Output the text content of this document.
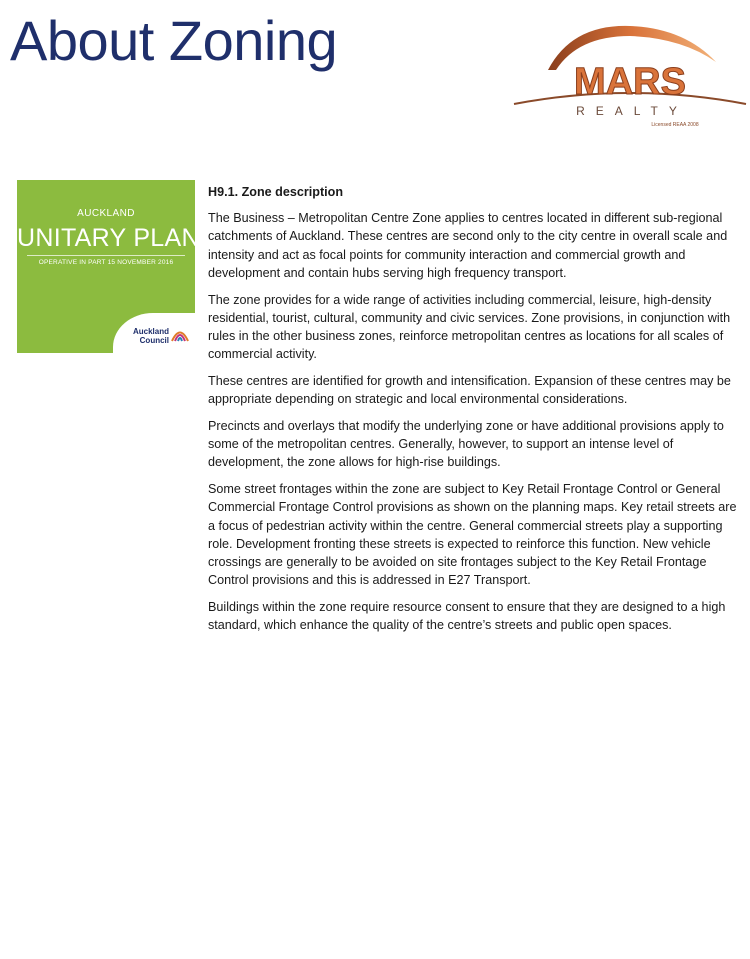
About Zoning
MARS
REALTY
Licensed REAA 2008
AUCKLAND
UNITARY PLAN
OPERATIVE IN PART 15 NOVEMBER 2016
Auckland
Council
H9.1. Zone description

The Business – Metropolitan Centre Zone applies to centres located in different sub-regional catchments of Auckland. These centres are second only to the city centre in overall scale and intensity and act as focal points for community interaction and commercial growth and development and contain hubs serving high frequency transport.

The zone provides for a wide range of activities including commercial, leisure, high-density residential, tourist, cultural, community and civic services. Zone provisions, in conjunction with rules in the other business zones, reinforce metropolitan centres as locations for all scales of commercial activity.

These centres are identified for growth and intensification. Expansion of these centres may be appropriate depending on strategic and local environmental considerations.

Precincts and overlays that modify the underlying zone or have additional provisions apply to some of the metropolitan centres. Generally, however, to support an intense level of development, the zone allows for high-rise buildings.

Some street frontages within the zone are subject to Key Retail Frontage Control or General Commercial Frontage Control provisions as shown on the planning maps. Key retail streets are a focus of pedestrian activity within the centre. General commercial streets play a supporting role. Development fronting these streets is expected to reinforce this function. New vehicle crossings are generally to be avoided on site frontages subject to the Key Retail Frontage Control provisions and this is addressed in E27 Transport.

Buildings within the zone require resource consent to ensure that they are designed to a high standard, which enhance the quality of the centre’s streets and public open spaces.
